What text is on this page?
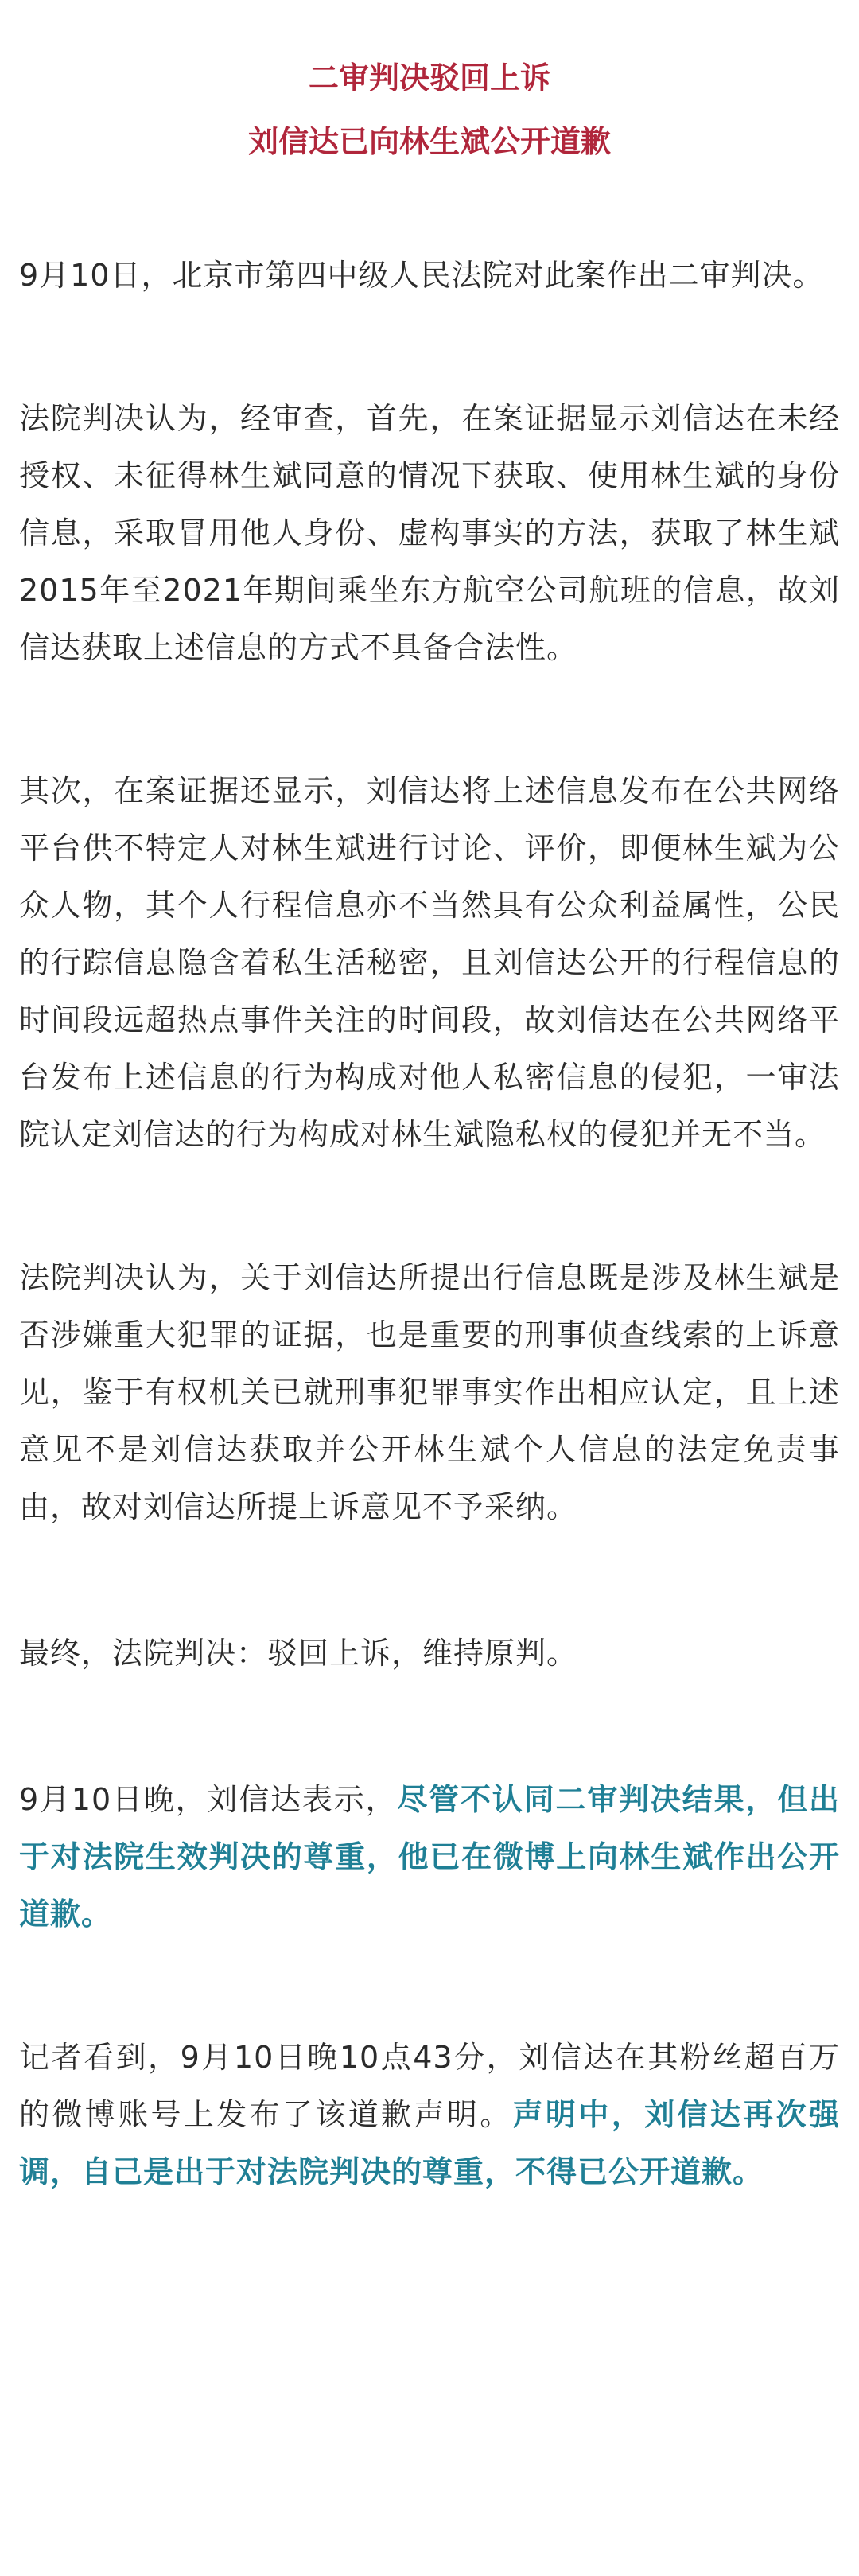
二审判决驳回上诉
刘信达已向林生斌公开道歉

9月10日，北京市第四中级人民法院对此案作出二审判决。

法院判决认为，经审查，首先，在案证据显示刘信达在未经授权、未征得林生斌同意的情况下获取、使用林生斌的身份信息，采取冒用他人身份、虚构事实的方法，获取了林生斌2015年至2021年期间乘坐东方航空公司航班的信息，故刘信达获取上述信息的方式不具备合法性。

其次，在案证据还显示，刘信达将上述信息发布在公共网络平台供不特定人对林生斌进行讨论、评价，即便林生斌为公众人物，其个人行程信息亦不当然具有公众利益属性，公民的行踪信息隐含着私生活秘密，且刘信达公开的行程信息的时间段远超热点事件关注的时间段，故刘信达在公共网络平台发布上述信息的行为构成对他人私密信息的侵犯，一审法院认定刘信达的行为构成对林生斌隐私权的侵犯并无不当。

法院判决认为，关于刘信达所提出行信息既是涉及林生斌是否涉嫌重大犯罪的证据，也是重要的刑事侦查线索的上诉意见，鉴于有权机关已就刑事犯罪事实作出相应认定，且上述意见不是刘信达获取并公开林生斌个人信息的法定免责事由，故对刘信达所提上诉意见不予采纳。

最终，法院判决：驳回上诉，维持原判。

9月10日晚，刘信达表示，尽管不认同二审判决结果，但出于对法院生效判决的尊重，他已在微博上向林生斌作出公开道歉。

记者看到，9月10日晚10点43分，刘信达在其粉丝超百万的微博账号上发布了该道歉声明。声明中，刘信达再次强调，自己是出于对法院判决的尊重，不得已公开道歉。
